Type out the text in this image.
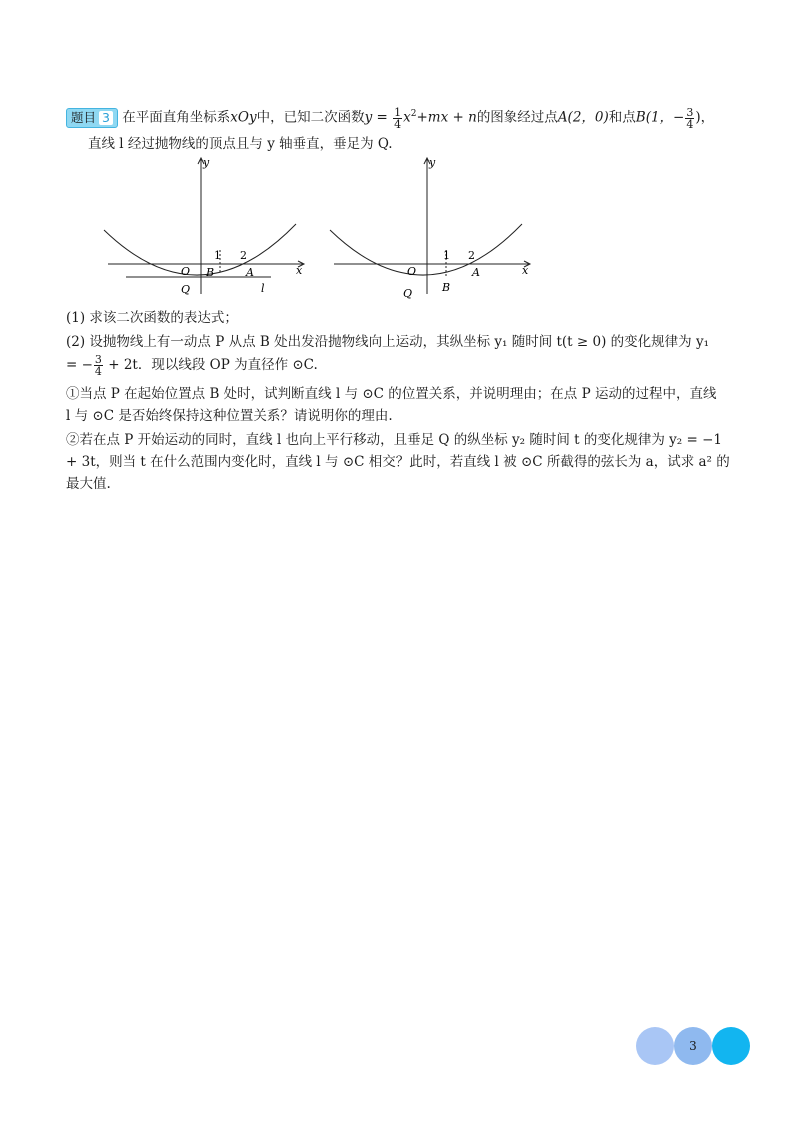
题目 3 在平面直角坐标系xOy中，已知二次函数$y = \frac{1}{4} x^2+mx + n$的图象经过点A(2，0)和点B(1，− $\frac{3}{4}$ )，
直线 l 经过抛物线的顶点且与 y 轴垂直，垂足为 Q.
y
x
O
1 2
B	A
Q	l
y
x
O
1 2
B
A
Q
(1) 求该二次函数的表达式；
(2) 设抛物线上有一动点 P 从点 B 处出发沿抛物线向上运动，其纵坐标 y₁ 随时间 t(t ≥ 0) 的变化规律为 y₁
= − $\frac{3}{4} + 2t$．现以线段 OP 为直径作 ⊙C.
①当点 P 在起始位置点 B 处时，试判断直线 l 与 ⊙C 的位置关系，并说明理由；在点 P 运动的过程中，直线
l 与 ⊙C 是否始终保持这种位置关系？请说明你的理由.
②若在点 P 开始运动的同时，直线 l 也向上平行移动，且垂足 Q 的纵坐标 y₂ 随时间 t 的变化规律为 y₂ = −1
+ 3t，则当 t 在什么范围内变化时，直线 l 与 ⊙C 相交？此时，若直线 l 被 ⊙C 所截得的弦长为 a，试求 a² 的
最大值.
3
